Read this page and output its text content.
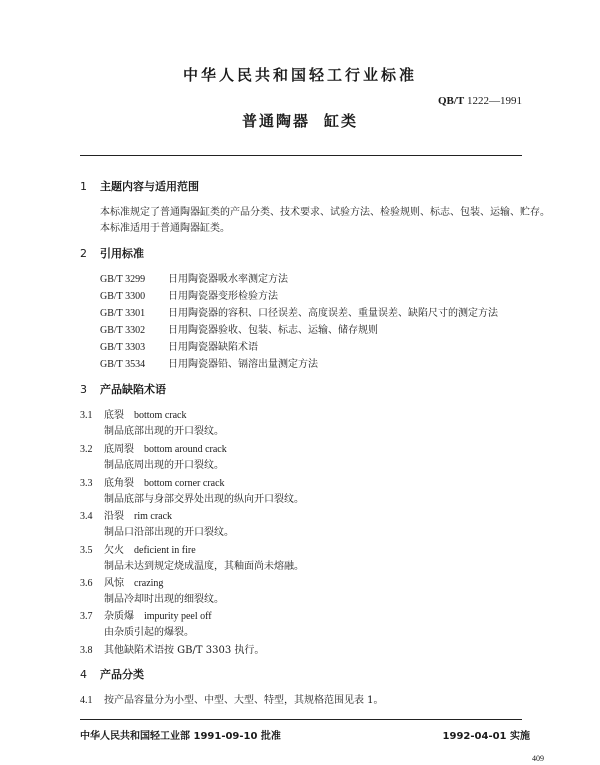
中华人民共和国轻工行业标准
QB/T 1222—1991
普通陶器 缸类
1 主题内容与适用范围
本标准规定了普通陶器缸类的产品分类、技术要求、试验方法、检验规则、标志、包装、运输、贮存。
本标准适用于普通陶器缸类。
2 引用标准
GB/T 3299 日用陶瓷器吸水率测定方法
GB/T 3300 日用陶瓷器变形检验方法
GB/T 3301 日用陶瓷器的容积、口径误差、高度误差、重量误差、缺陷尺寸的测定方法
GB/T 3302 日用陶瓷器验收、包装、标志、运输、储存规则
GB/T 3303 日用陶瓷器缺陷术语
GB/T 3534 日用陶瓷器铅、镉溶出量测定方法
3 产品缺陷术语
3.1 底裂 bottom crack
制品底部出现的开口裂纹。
3.2 底周裂 bottom around crack
制品底周出现的开口裂纹。
3.3 底角裂 bottom corner crack
制品底部与身部交界处出现的纵向开口裂纹。
3.4 沿裂 rim crack
制品口沿部出现的开口裂纹。
3.5 欠火 deficient in fire
制品未达到规定烧成温度，其釉面尚未熔融。
3.6 风惊 crazing
制品冷却时出现的细裂纹。
3.7 杂质爆 impurity peel off
由杂质引起的爆裂。
3.8 其他缺陷术语按 GB/T 3303 执行。
4 产品分类
4.1 按产品容量分为小型、中型、大型、特型，其规格范围见表 1。
中华人民共和国轻工业部 1991-09-10 批准	1992-04-01 实施
409
